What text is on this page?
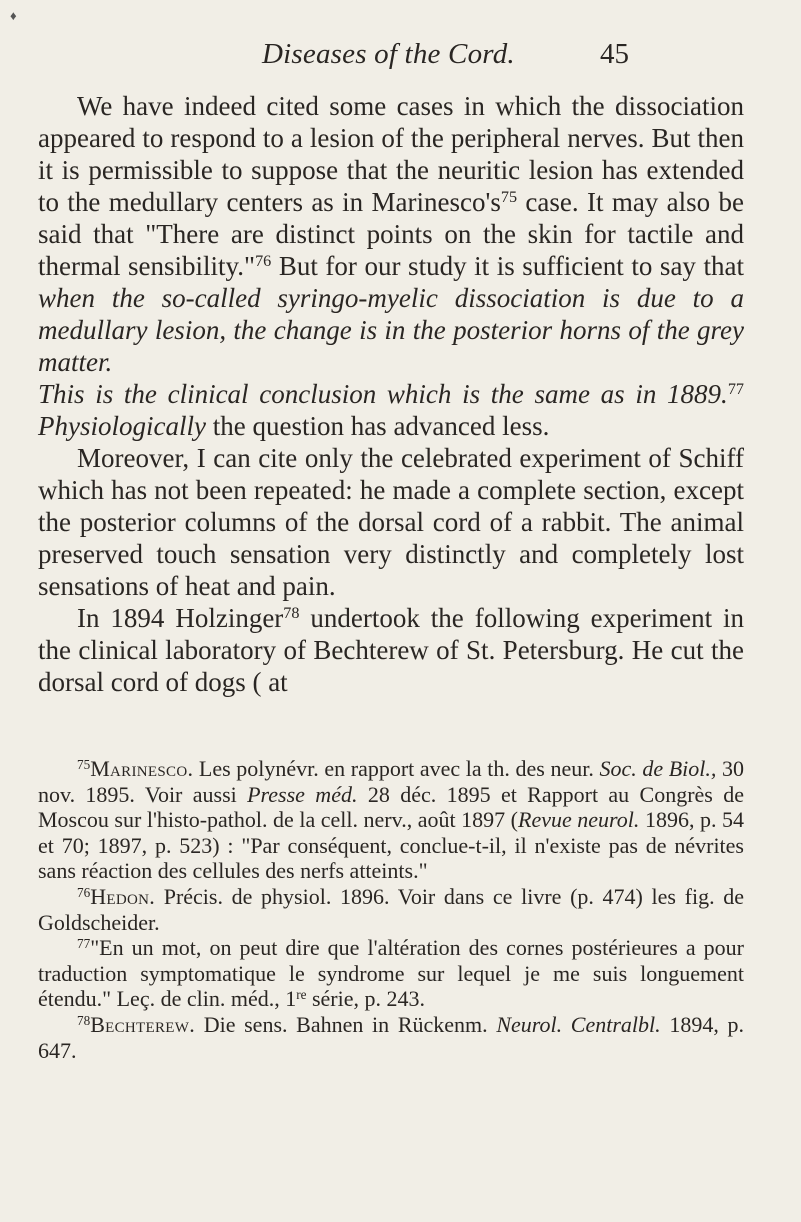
♦
Diseases of the Cord.	45

We have indeed cited some cases in which the dissociation appeared to respond to a lesion of the peripheral nerves. But then it is permissible to suppose that the neuritic lesion has extended to the medullary centers as in $Marinesco's^{75}$ case. It may also be said that "There are distinct points on the skin for tactile and thermal sensibility."$^{76}$ But for our study it is sufficient to say that when the so-called syringo-myelic dissociation is due to a medullary lesion, the change is in the posterior horns of the grey matter.
This is the clinical conclusion which is the same as in 1889.77 Physiologically the question has advanced less.

Moreover, I can cite only the celebrated experiment of Schiff which has not been repeated: he made a complete section, except the posterior columns of the dorsal cord of a rabbit. The animal preserved touch sensation very distinctly and completely lost sensations of heat and pain.

In 1894 Holzinger$^{78}$ undertook the following experiment in the clinical laboratory of Bechterew of St. Petersburg. He cut the dorsal cord of dogs ( at

$^{75}$Marinesco. Les polynévr. en rapport avec la th. des neur. Soc. de Biol., 30 nov. 1895. Voir aussi Presse méd. 28 déc. 1895 et Rapport au Congrès de Moscou sur l'histo-pathol. de la cell. nerv., août 1897 (Revue neurol. 1896, p. 54 et 70; 1897, p. 523) : "Par conséquent, conclue-t-il, il n'existe pas de névrites sans réaction des cellules des nerfs atteints."

$^{76}$Hedon. Précis. de physiol. 1896. Voir dans ce livre (p. 474) les fig. de Goldscheider.

$^{77}$"En un mot, on peut dire que l'altération des cornes postérieures a pour traduction symptomatique le syndrome sur lequel je me suis longuement étendu." Leç. de clin. méd., 1re série, p. 243.

$^{78}$Bechterew. Die sens. Bahnen in Rückenm. Neurol. Centralbl. 1894, p. 647.
